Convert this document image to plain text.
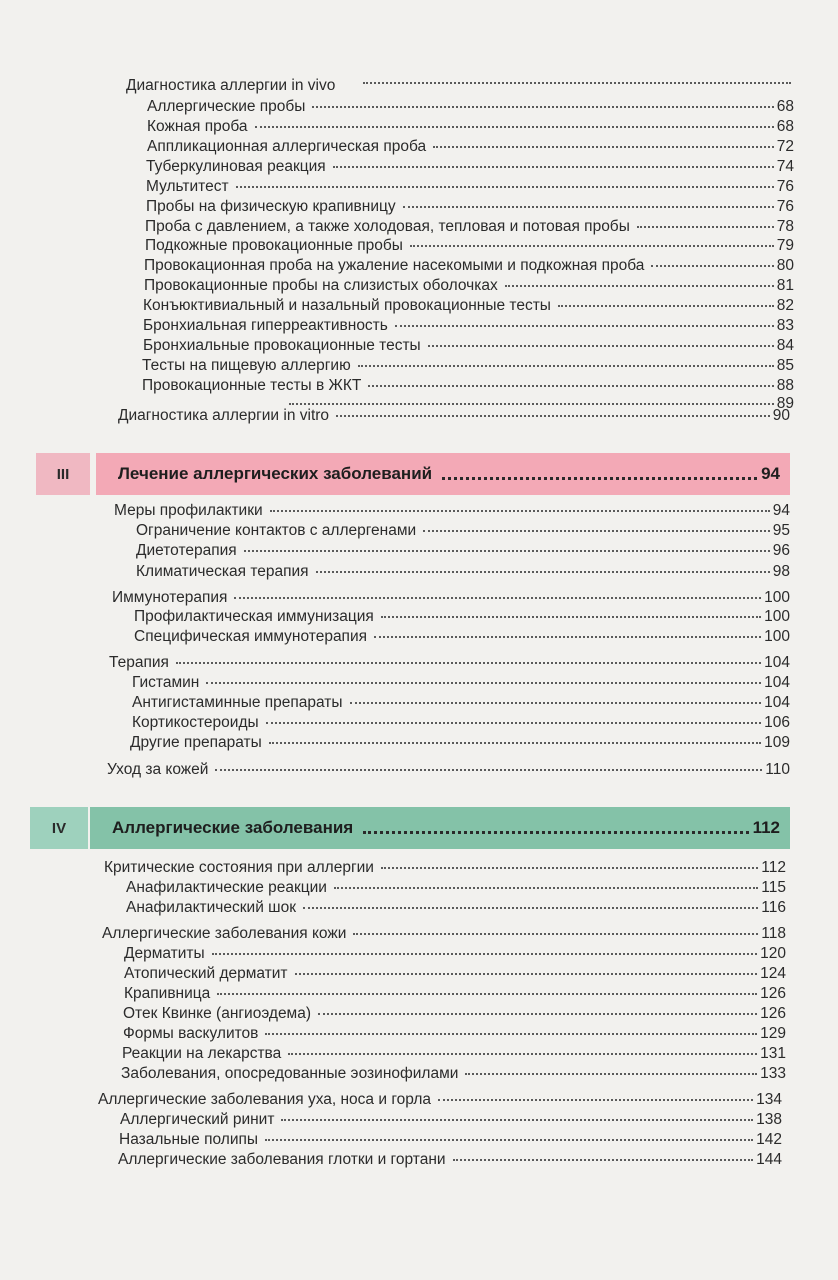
Диагностика аллергии in vivo
Аллергические пробы	68
Кожная проба	68
Аппликационная аллергическая проба	72
Туберкулиновая реакция	74
Мультитест	76
Пробы на физическую крапивницу	76
Проба с давлением, а также холодовая, тепловая и потовая пробы	78
Подкожные провокационные пробы	79
Провокационная проба на ужаление насекомыми и подкожная проба	80
Провокационные пробы на слизистых оболочках	81
Конъюктивиальный и назальный провокационные тесты	82
Бронхиальная гиперреактивность	83
Бронхиальные провокационные тесты	84
Тесты на пищевую аллергию	85
Провокационные тесты в ЖКТ	88
89
Диагностика аллергии in vitro	90
III	Лечение аллергических заболеваний	94
Меры профилактики	94
Ограничение контактов с аллергенами	95
Диетотерапия	96
Климатическая терапия	98
Иммунотерапия	100
Профилактическая иммунизация	100
Специфическая иммунотерапия	100
Терапия	104
Гистамин	104
Антигистаминные препараты	104
Кортикостероиды	106
Другие препараты	109
Уход за кожей	110
IV	Аллергические заболевания	112
Критические состояния при аллергии	112
Анафилактические реакции	115
Анафилактический шок	116
Аллергические заболевания кожи	118
Дерматиты	120
Атопический дерматит	124
Крапивница	126
Отек Квинке (ангиоэдема)	126
Формы васкулитов	129
Реакции на лекарства	131
Заболевания, опосредованные эозинофилами	133
Аллергические заболевания уха, носа и горла	134
Аллергический ринит	138
Назальные полипы	142
Аллергические заболевания глотки и гортани	144
